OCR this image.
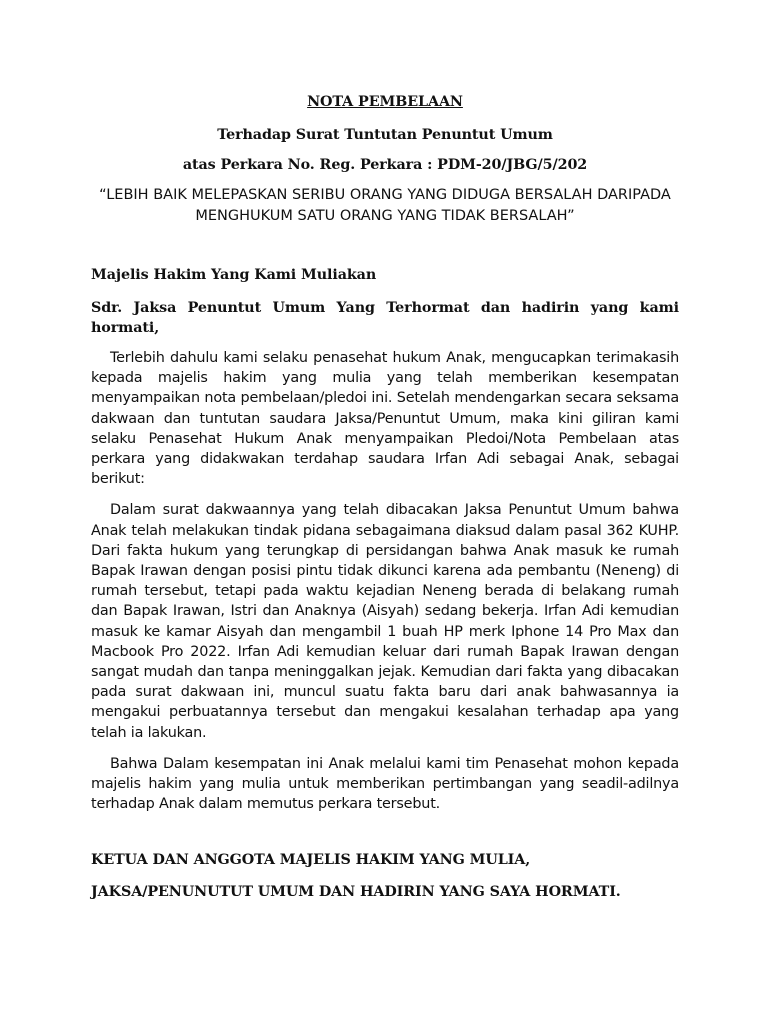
NOTA PEMBELAAN
Terhadap Surat Tuntutan Penuntut Umum
atas Perkara No. Reg. Perkara : PDM-20/JBG/5/202
“LEBIH BAIK MELEPASKAN SERIBU ORANG YANG DIDUGA BERSALAH DARIPADA MENGHUKUM SATU ORANG YANG TIDAK BERSALAH”
Majelis Hakim Yang Kami Muliakan
Sdr. Jaksa Penuntut Umum Yang Terhormat dan hadirin yang kami hormati,

Terlebih dahulu kami selaku penasehat hukum Anak, mengucapkan terimakasih kepada majelis hakim yang mulia yang telah memberikan kesempatan menyampaikan nota pembelaan/pledoi ini. Setelah mendengarkan secara seksama dakwaan dan tuntutan saudara Jaksa/Penuntut Umum, maka kini giliran kami selaku Penasehat Hukum Anak menyampaikan Pledoi/Nota Pembelaan atas perkara yang didakwakan terdahap saudara Irfan Adi sebagai Anak, sebagai berikut:

Dalam surat dakwaannya yang telah dibacakan Jaksa Penuntut Umum bahwa Anak telah melakukan tindak pidana sebagaimana diaksud dalam pasal 362 KUHP. Dari fakta hukum yang terungkap di persidangan bahwa Anak masuk ke rumah Bapak Irawan dengan posisi pintu tidak dikunci karena ada pembantu (Neneng) di rumah tersebut, tetapi pada waktu kejadian Neneng berada di belakang rumah dan Bapak Irawan, Istri dan Anaknya (Aisyah) sedang bekerja. Irfan Adi kemudian masuk ke kamar Aisyah dan mengambil 1 buah HP merk Iphone 14 Pro Max dan Macbook Pro 2022. Irfan Adi kemudian keluar dari rumah Bapak Irawan dengan sangat mudah dan tanpa meninggalkan jejak. Kemudian dari fakta yang dibacakan pada surat dakwaan ini, muncul suatu fakta baru dari anak bahwasannya ia mengakui perbuatannya tersebut dan mengakui kesalahan terhadap apa yang telah ia lakukan.

Bahwa Dalam kesempatan ini Anak melalui kami tim Penasehat mohon kepada majelis hakim yang mulia untuk memberikan pertimbangan yang seadil-adilnya terhadap Anak dalam memutus perkara tersebut.

KETUA DAN ANGGOTA MAJELIS HAKIM YANG MULIA,
JAKSA/PENUNUTUT UMUM DAN HADIRIN YANG SAYA HORMATI.
